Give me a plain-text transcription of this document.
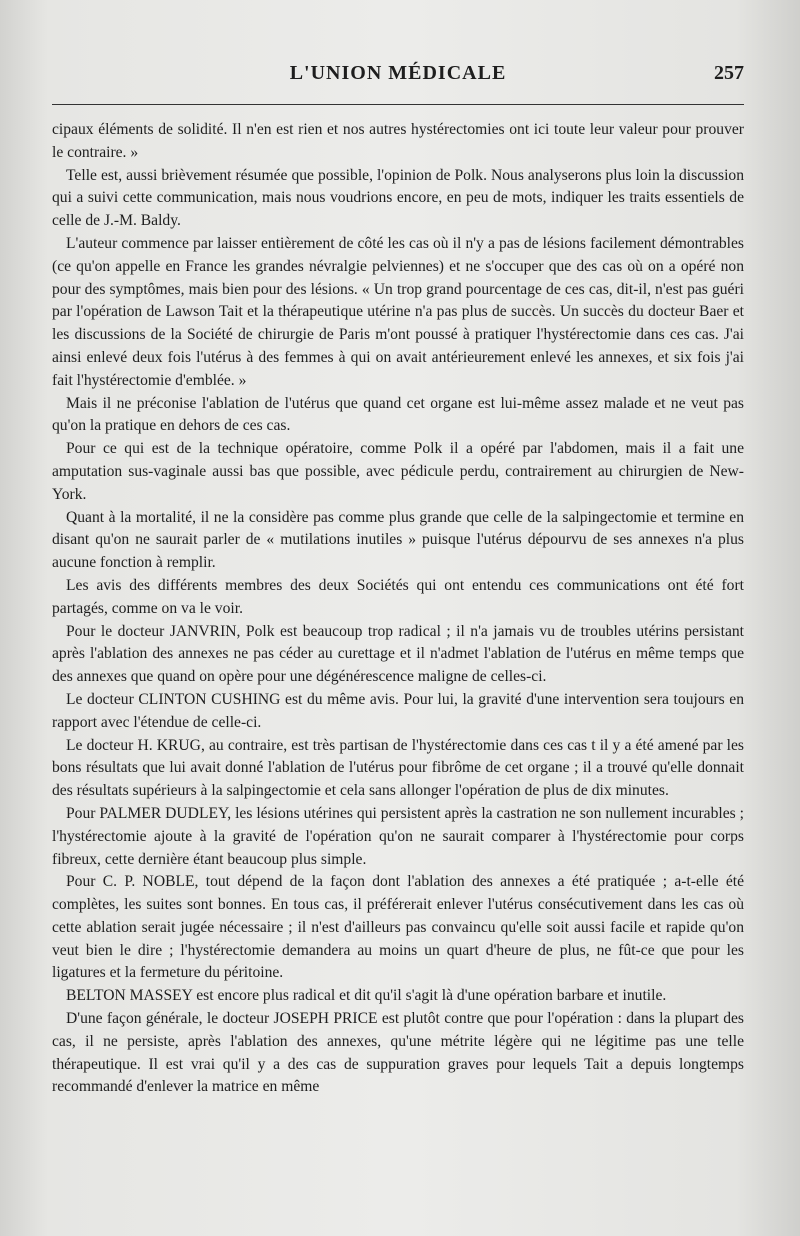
L'UNION MÉDICALE	257

cipaux éléments de solidité. Il n'en est rien et nos autres hystérectomies ont ici toute leur valeur pour prouver le contraire. »

Telle est, aussi brièvement résumée que possible, l'opinion de Polk. Nous analyserons plus loin la discussion qui a suivi cette communication, mais nous voudrions encore, en peu de mots, indiquer les traits essentiels de celle de J.-M. Baldy.

L'auteur commence par laisser entièrement de côté les cas où il n'y a pas de lésions facilement démontrables (ce qu'on appelle en France les grandes névralgie pelviennes) et ne s'occuper que des cas où on a opéré non pour des symptômes, mais bien pour des lésions. « Un trop grand pourcentage de ces cas, dit-il, n'est pas guéri par l'opération de Lawson Tait et la thérapeutique utérine n'a pas plus de succès. Un succès du docteur Baer et les discussions de la Société de chirurgie de Paris m'ont poussé à pratiquer l'hystérectomie dans ces cas. J'ai ainsi enlevé deux fois l'utérus à des femmes à qui on avait antérieurement enlevé les annexes, et six fois j'ai fait l'hystérectomie d'emblée. »

Mais il ne préconise l'ablation de l'utérus que quand cet organe est lui-même assez malade et ne veut pas qu'on la pratique en dehors de ces cas.

Pour ce qui est de la technique opératoire, comme Polk il a opéré par l'abdomen, mais il a fait une amputation sus-vaginale aussi bas que possible, avec pédicule perdu, contrairement au chirurgien de New-York.

Quant à la mortalité, il ne la considère pas comme plus grande que celle de la salpingectomie et termine en disant qu'on ne saurait parler de « mutilations inutiles » puisque l'utérus dépourvu de ses annexes n'a plus aucune fonction à remplir.

Les avis des différents membres des deux Sociétés qui ont entendu ces communications ont été fort partagés, comme on va le voir.

Pour le docteur JANVRIN, Polk est beaucoup trop radical ; il n'a jamais vu de troubles utérins persistant après l'ablation des annexes ne pas céder au curettage et il n'admet l'ablation de l'utérus en même temps que des annexes que quand on opère pour une dégénérescence maligne de celles-ci.

Le docteur CLINTON CUSHING est du même avis. Pour lui, la gravité d'une intervention sera toujours en rapport avec l'étendue de celle-ci.

Le docteur H. KRUG, au contraire, est très partisan de l'hystérectomie dans ces cas t il y a été amené par les bons résultats que lui avait donné l'ablation de l'utérus pour fibrôme de cet organe ; il a trouvé qu'elle donnait des résultats supérieurs à la salpingectomie et cela sans allonger l'opération de plus de dix minutes.

Pour PALMER DUDLEY, les lésions utérines qui persistent après la castration ne son nullement incurables ; l'hystérectomie ajoute à la gravité de l'opération qu'on ne saurait comparer à l'hystérectomie pour corps fibreux, cette dernière étant beaucoup plus simple.

Pour C. P. NOBLE, tout dépend de la façon dont l'ablation des annexes a été pratiquée ; a-t-elle été complètes, les suites sont bonnes. En tous cas, il préférerait enlever l'utérus consécutivement dans les cas où cette ablation serait jugée nécessaire ; il n'est d'ailleurs pas convaincu qu'elle soit aussi facile et rapide qu'on veut bien le dire ; l'hystérectomie demandera au moins un quart d'heure de plus, ne fût-ce que pour les ligatures et la fermeture du péritoine.

BELTON MASSEY est encore plus radical et dit qu'il s'agit là d'une opération barbare et inutile.

D'une façon générale, le docteur JOSEPH PRICE est plutôt contre que pour l'opération : dans la plupart des cas, il ne persiste, après l'ablation des annexes, qu'une métrite légère qui ne légitime pas une telle thérapeutique. Il est vrai qu'il y a des cas de suppuration graves pour lequels Tait a depuis longtemps recommandé d'enlever la matrice en même
